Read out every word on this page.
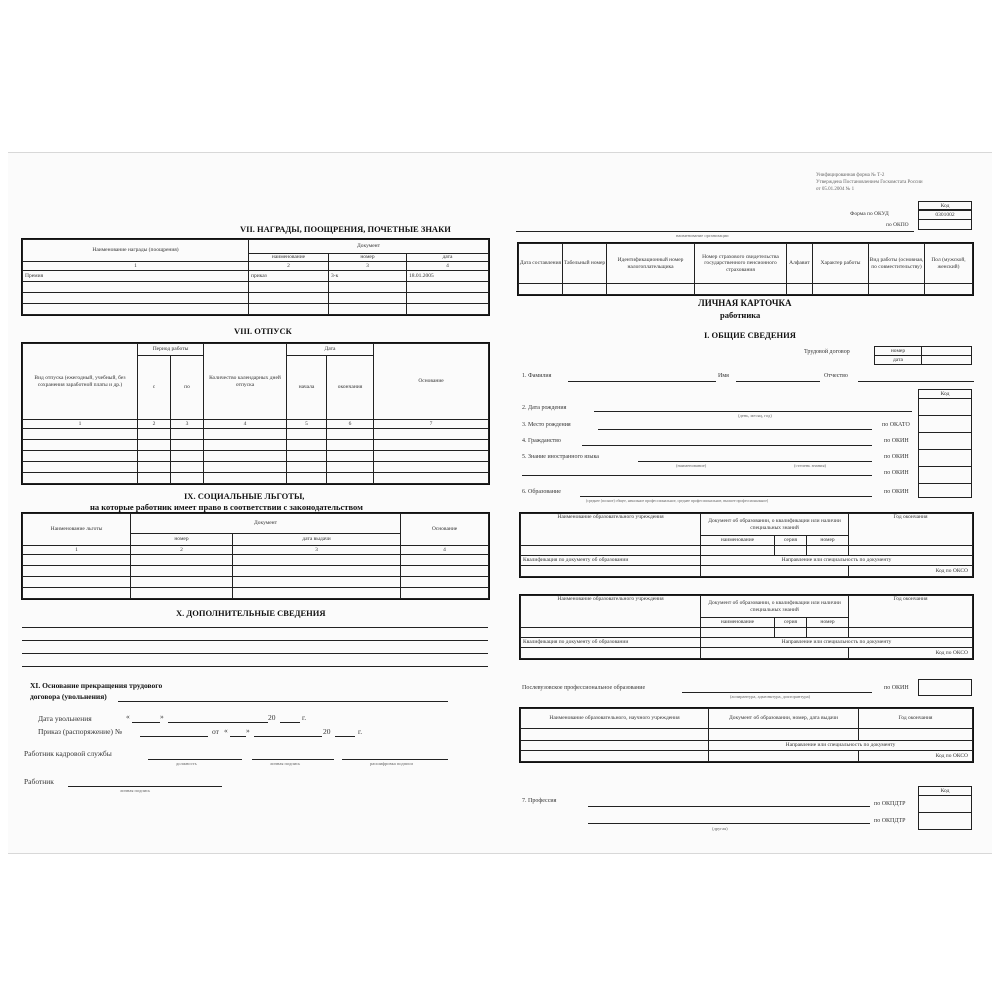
VII. НАГРАДЫ, ПООЩРЕНИЯ, ПОЧЕТНЫЕ ЗНАКИ
Наименование награды (поощрения)	Документ		
	наименование	номер	дата
1	2	3	4
Премия	приказ	3-к	18.01.2005

VIII. ОТПУСК
Вид отпуска (ежегодный, учебный, без сохранения заработной платы и др.)	Период работы		Количество календарных дней отпуска	Дата		Основание
	с	по		начала	окончания	
1	2	3	4	5	6	7

IX. СОЦИАЛЬНЫЕ ЛЬГОТЫ,
на которые работник имеет право в соответствии с законодательством
Наименование льготы	Документ		Основание
	номер	дата выдачи	
1	2	3	4

X. ДОПОЛНИТЕЛЬНЫЕ СВЕДЕНИЯ
XI. Основание прекращения трудового
договора (увольнения)
Дата увольнения	«	»	20	г.
Приказ (распоряжение) №	от « »	20	г.
Работник кадровой службы
должность	личная подпись	расшифровка подписи
Работник
личная подпись
Унифицированная форма № Т-2
Утверждена Постановлением Госкомстата России
от 05.01.2004 № 1
Код
Форма по ОКУД	0301002
по ОКПО
наименование организации
Дата составления	Табельный номер	Идентификационный номер налогоплательщика	Номер страхового свидетельства государственного пенсионного страхования	Алфавит	Характер работы	Вид работы (основная, по совместительству)	Пол (мужской, женский)

ЛИЧНАЯ КАРТОЧКА
работника
I. ОБЩИЕ СВЕДЕНИЯ
Трудовой договор	номер
дата
1. Фамилия	Имя	Отчество
Код
2. Дата рождения
(день, месяц, год)
3. Место рождения	по ОКАТО
4. Гражданство	по ОКИН
5. Знание иностранного языка	по ОКИН
(наименование)	(степень знания)
по ОКИН
6. Образование	по ОКИН
(среднее (полное) общее, начальное профессиональное, среднее профессиональное, высшее профессиональное)
Наименование образовательного учреждения	Документ об образовании, о квалификации или наличии специальных знаний			Год окончания
	наименование	серия	номер	

Квалификация по документу об образовании	Направление или специальность по документу			
				Код по ОКСО
Наименование образовательного учреждения	Документ об образовании, о квалификации или наличии специальных знаний			Год окончания
	наименование	серия	номер	

Квалификация по документу об образовании	Направление или специальность по документу			
				Код по ОКСО
Послевузовское профессиональное образование	по ОКИН
(аспирантура, адъюнктура, докторантура)
Наименование образовательного, научного учреждения	Документ об образовании, номер, дата выдачи	Год окончания

	Направление или специальность по документу	
		Код по ОКСО
Код
7. Профессия	по ОКПДТР
по ОКПДТР
(другая)
